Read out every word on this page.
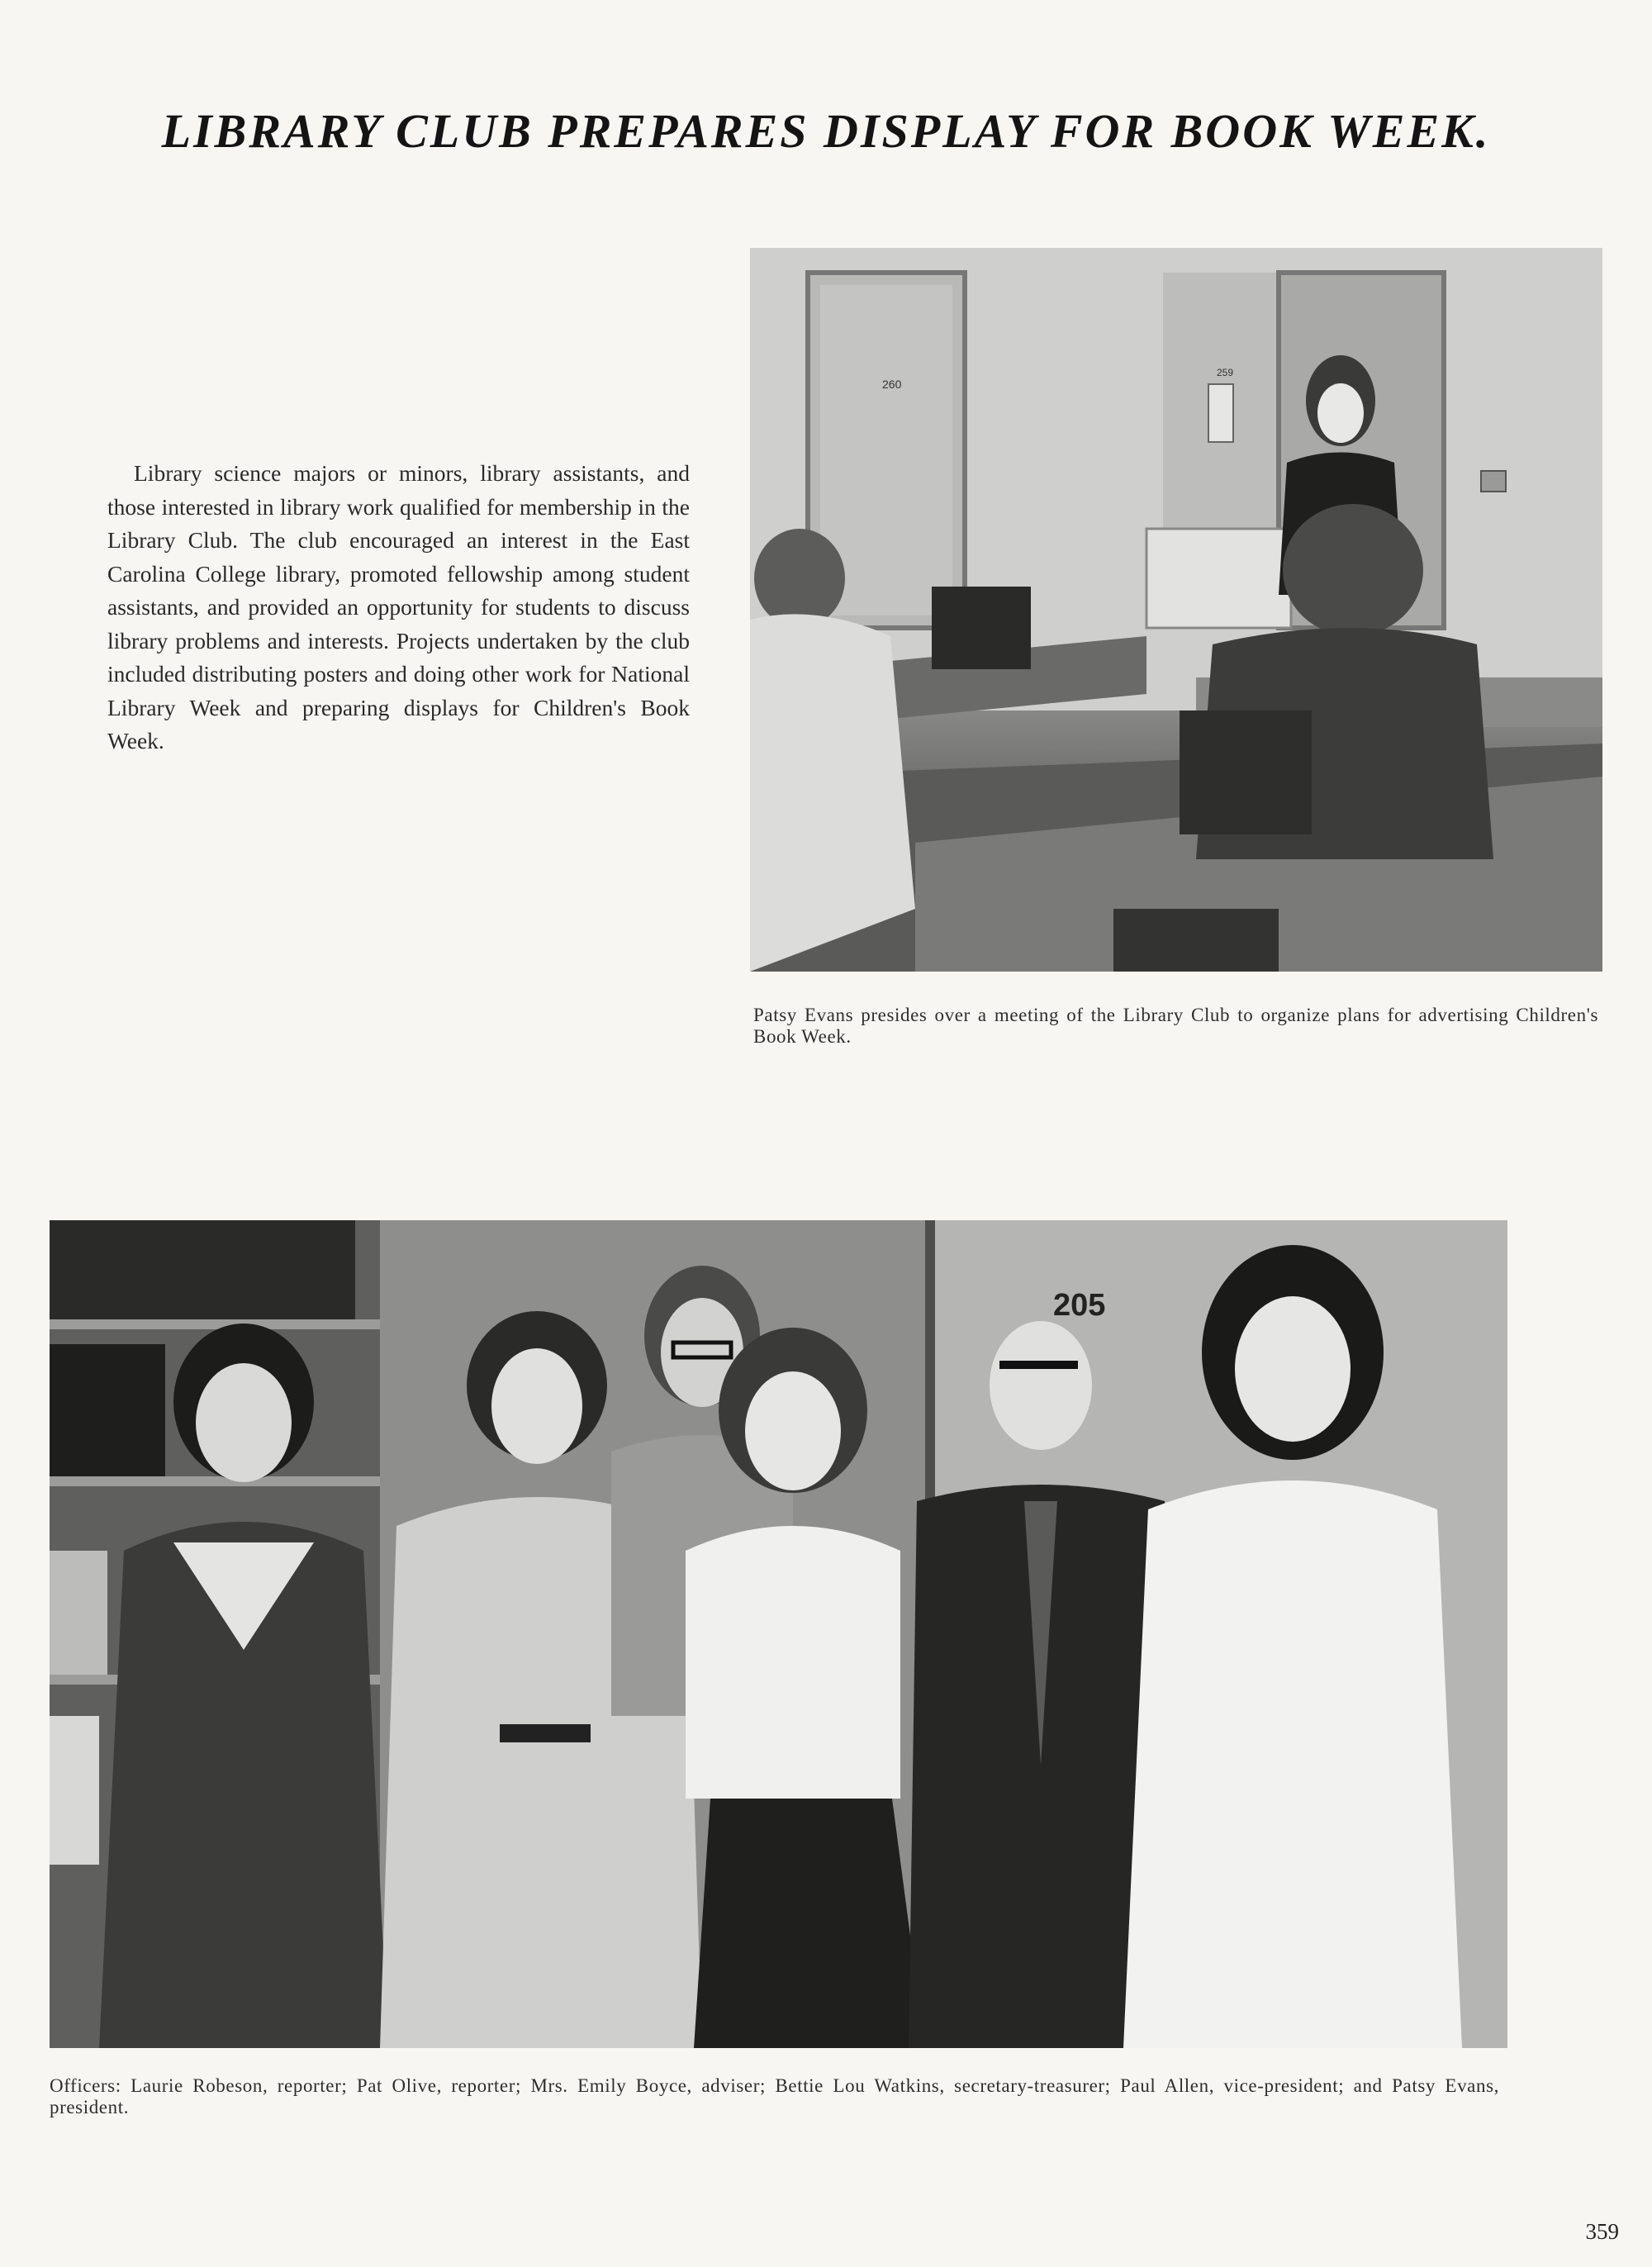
LIBRARY CLUB PREPARES DISPLAY FOR BOOK WEEK.

Library science majors or minors, library assistants, and those interested in library work qualified for membership in the Library Club. The club encouraged an interest in the East Carolina College library, promoted fellowship among student assistants, and provided an opportunity for students to discuss library problems and interests. Projects undertaken by the club included distributing posters and doing other work for National Library Week and preparing displays for Children's Book Week.

260
259
Patsy Evans presides over a meeting of the Library Club to organize plans for advertising Children's Book Week.
205
Officers: Laurie Robeson, reporter; Pat Olive, reporter; Mrs. Emily Boyce, adviser; Bettie Lou Watkins, secretary-treasurer; Paul Allen, vice-president; and Patsy Evans, president.
359
